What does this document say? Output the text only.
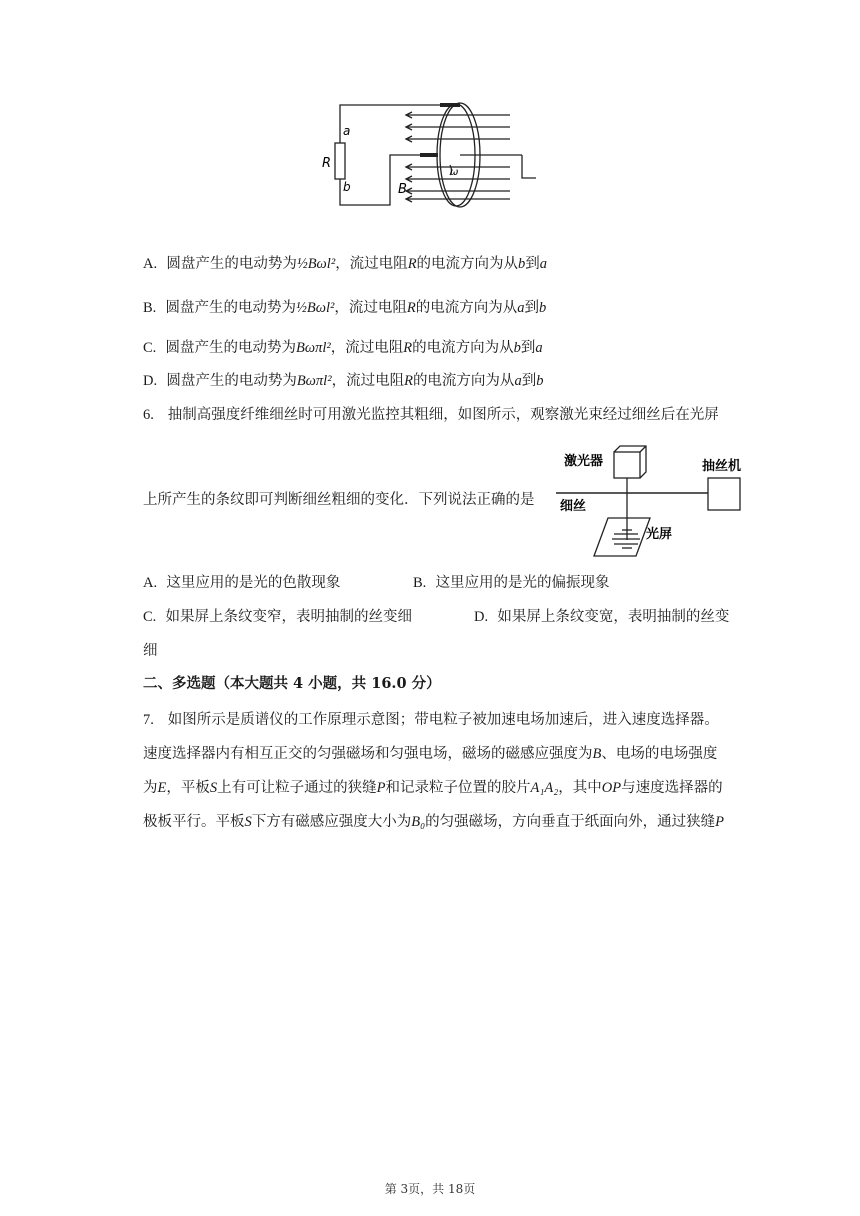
a
b
R
B
ω
A. 圆盘产生的电动势为½Bωl²，流过电阻R的电流方向为从b到a
B. 圆盘产生的电动势为½Bωl²，流过电阻R的电流方向为从a到b
C. 圆盘产生的电动势为Bωπl²，流过电阻R的电流方向为从b到a
D. 圆盘产生的电动势为Bωπl²，流过电阻R的电流方向为从a到b
6. 抽制高强度纤维细丝时可用激光监控其粗细，如图所示，观察激光束经过细丝后在光屏
激光器	抽丝机
细丝
光屏
上所产生的条纹即可判断细丝粗细的变化．下列说法正确的是
A. 这里应用的是光的色散现象	B. 这里应用的是光的偏振现象
C. 如果屏上条纹变窄，表明抽制的丝变细	D. 如果屏上条纹变宽，表明抽制的丝变
细
二、多选题（本大题共 4 小题，共 16.0 分）
7. 如图所示是质谱仪的工作原理示意图；带电粒子被加速电场加速后，进入速度选择器。
速度选择器内有相互正交的匀强磁场和匀强电场，磁场的磁感应强度为B、电场的电场强度
为E，平板S上有可让粒子通过的狭缝P和记录粒子位置的胶片A₁A₂，其中OP与速度选择器的
极板平行。平板S下方有磁感应强度大小为B₀的匀强磁场，方向垂直于纸面向外，通过狭缝P
第 3页，共 18页
